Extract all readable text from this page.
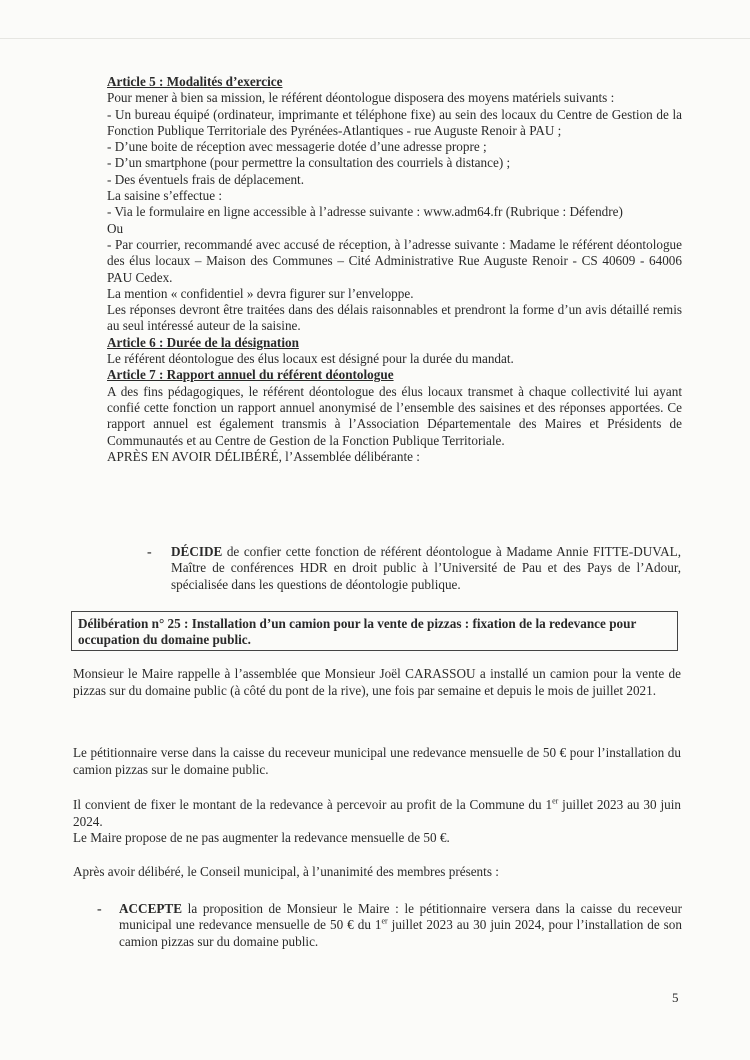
Article 5 : Modalités d’exercice
Pour mener à bien sa mission, le référent déontologue disposera des moyens matériels suivants :
- Un bureau équipé (ordinateur, imprimante et téléphone fixe) au sein des locaux du Centre de Gestion de la Fonction Publique Territoriale des Pyrénées-Atlantiques - rue Auguste Renoir à PAU ;
- D’une boite de réception avec messagerie dotée d’une adresse propre ;
- D’un smartphone (pour permettre la consultation des courriels à distance) ;
- Des éventuels frais de déplacement.
La saisine s’effectue :
- Via le formulaire en ligne accessible à l’adresse suivante : www.adm64.fr (Rubrique : Défendre)
Ou
- Par courrier, recommandé avec accusé de réception, à l’adresse suivante : Madame le référent déontologue des élus locaux – Maison des Communes – Cité Administrative Rue Auguste Renoir - CS 40609 - 64006 PAU Cedex.
La mention « confidentiel » devra figurer sur l’enveloppe.
Les réponses devront être traitées dans des délais raisonnables et prendront la forme d’un avis détaillé remis au seul intéressé auteur de la saisine.
Article 6 : Durée de la désignation
Le référent déontologue des élus locaux est désigné pour la durée du mandat.
Article 7 : Rapport annuel du référent déontologue
A des fins pédagogiques, le référent déontologue des élus locaux transmet à chaque collectivité lui ayant confié cette fonction un rapport annuel anonymisé de l’ensemble des saisines et des réponses apportées. Ce rapport annuel est également transmis à l’Association Départementale des Maires et Présidents de Communautés et au Centre de Gestion de la Fonction Publique Territoriale.
APRÈS EN AVOIR DÉLIBÉRÉ, l’Assemblée délibérante :
- DÉCIDE de confier cette fonction de référent déontologue à Madame Annie FITTE-DUVAL, Maître de conférences HDR en droit public à l’Université de Pau et des Pays de l’Adour, spécialisée dans les questions de déontologie publique.
Délibération n° 25 : Installation d’un camion pour la vente de pizzas : fixation de la redevance pour occupation du domaine public.
Monsieur le Maire rappelle à l’assemblée que Monsieur Joël CARASSOU a installé un camion pour la vente de pizzas sur du domaine public (à côté du pont de la rive), une fois par semaine et depuis le mois de juillet 2021.
Le pétitionnaire verse dans la caisse du receveur municipal une redevance mensuelle de 50 € pour l’installation du camion pizzas sur le domaine public.
Il convient de fixer le montant de la redevance à percevoir au profit de la Commune du 1er juillet 2023 au 30 juin 2024.
Le Maire propose de ne pas augmenter la redevance mensuelle de 50 €.
Après avoir délibéré, le Conseil municipal, à l’unanimité des membres présents :
- ACCEPTE la proposition de Monsieur le Maire : le pétitionnaire versera dans la caisse du receveur municipal une redevance mensuelle de 50 € du 1er juillet 2023 au 30 juin 2024, pour l’installation de son camion pizzas sur du domaine public.
5
